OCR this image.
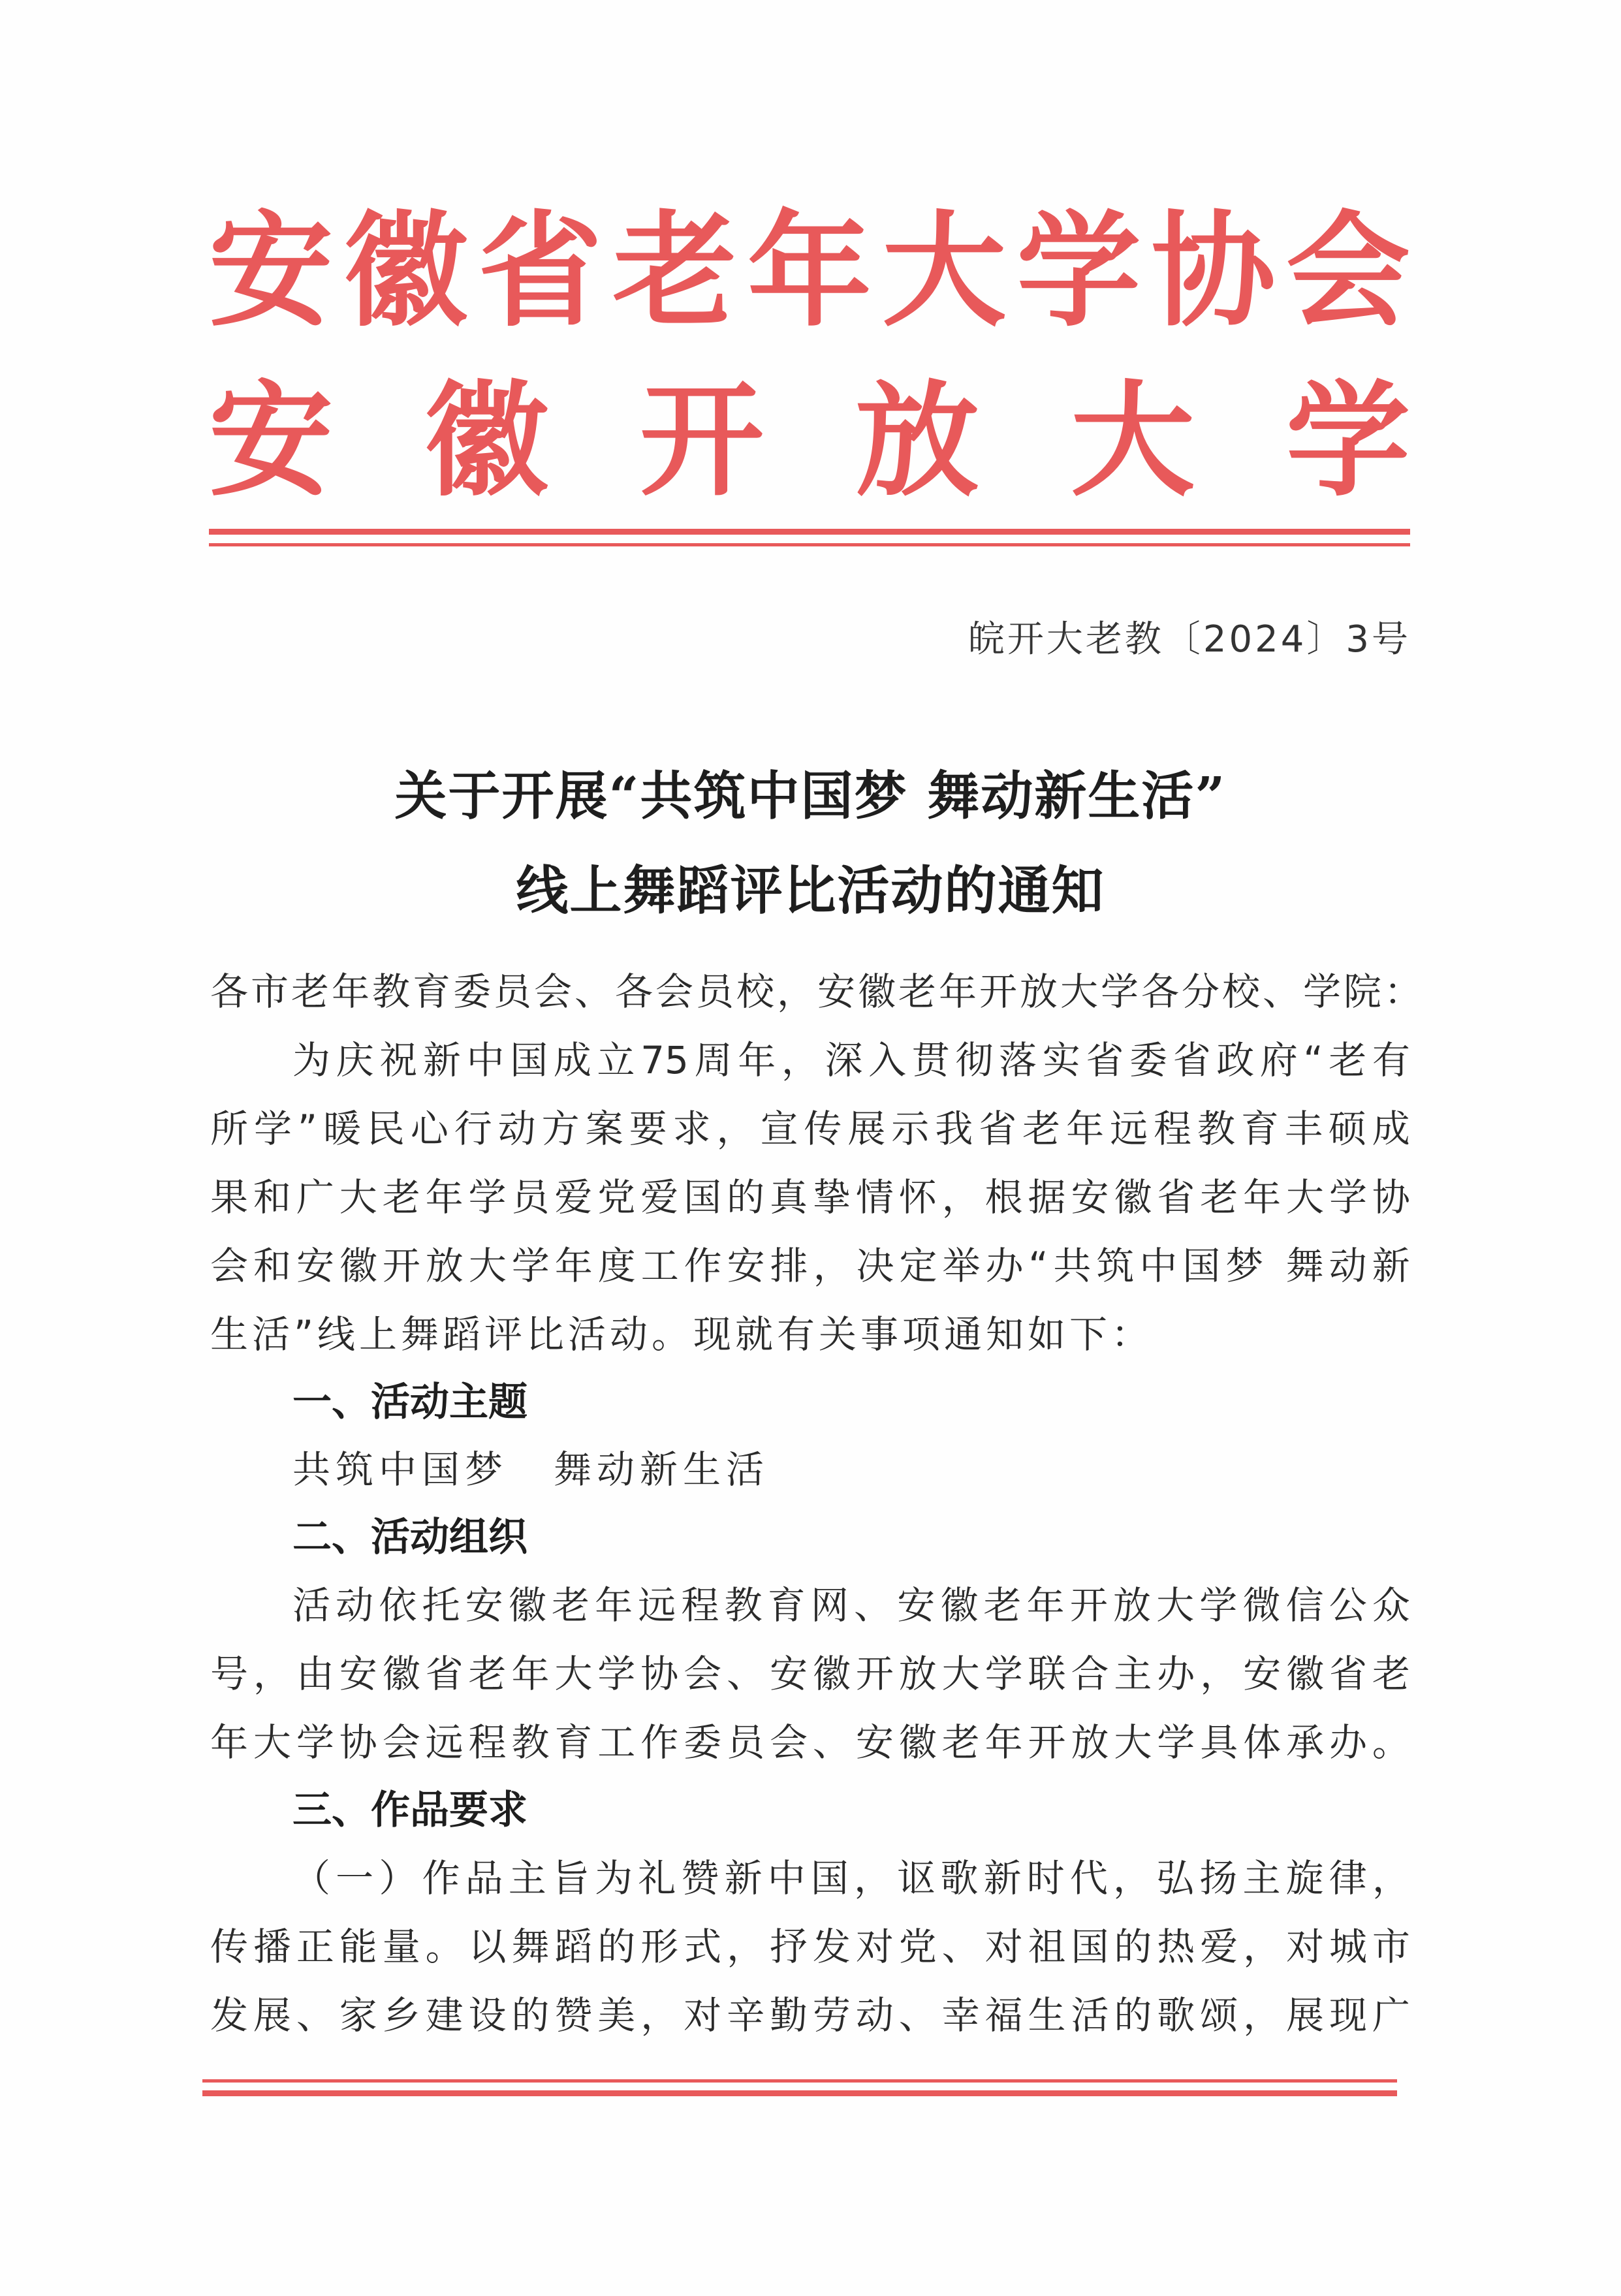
安 徽 省 老 年 大 学 协 会
安 徽 开 放 大 学
皖开大老教〔2024〕3号
关于开展“共筑中国梦 舞动新生活”
线上舞蹈评比活动的通知
各市老年教育委员会、各会员校，安徽老年开放大学各分校、学院：
为 庆 祝 新 中 国 成 立 75 周 年 ， 深 入 贯 彻 落 实 省 委 省 政 府 “ 老 有
所 学 ” 暖 民 心 行 动 方 案 要 求 ， 宣 传 展 示 我 省 老 年 远 程 教 育 丰 硕 成
果 和 广 大 老 年 学 员 爱 党 爱 国 的 真 挚 情 怀 ， 根 据 安 徽 省 老 年 大 学 协
会 和 安 徽 开 放 大 学 年 度 工 作 安 排 ， 决 定 举 办 “ 共 筑 中 国 梦
舞 动 新
生活”线上舞蹈评比活动。现就有关事项通知如下：
一、活动主题
共筑中国梦 舞动新生活
二、活动组织
活 动 依 托 安 徽 老 年 远 程 教 育 网 、 安 徽 老 年 开 放 大 学 微 信 公 众
号 ， 由 安 徽 省 老 年 大 学 协 会 、 安 徽 开 放 大 学 联 合 主 办 ， 安 徽 省 老
年 大 学 协 会 远 程 教 育 工 作 委 员 会 、 安 徽 老 年 开 放 大 学 具 体 承 办 。
三、作品要求
（ 一 ） 作 品 主 旨 为 礼 赞 新 中 国 ， 讴 歌 新 时 代 ， 弘 扬 主 旋 律 ，
传 播 正 能 量 。 以 舞 蹈 的 形 式 ， 抒 发 对 党 、 对 祖 国 的 热 爱 ， 对 城 市
发 展 、 家 乡 建 设 的 赞 美 ， 对 辛 勤 劳 动 、 幸 福 生 活 的 歌 颂 ， 展 现 广
